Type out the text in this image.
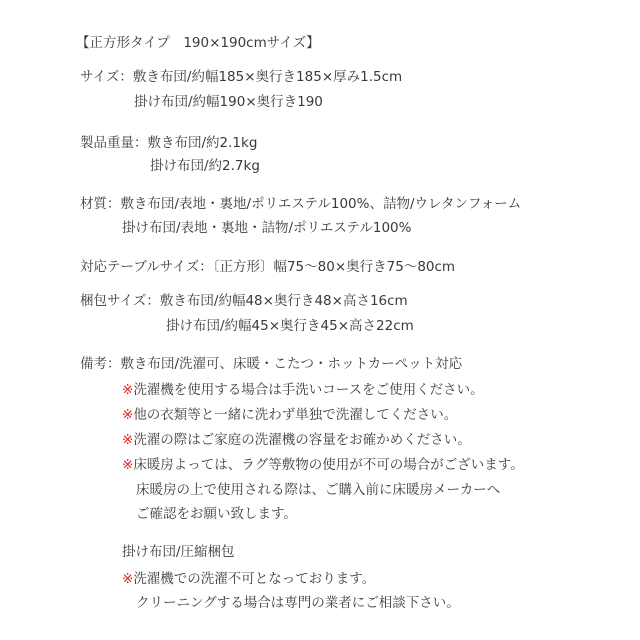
【正方形タイプ　190×190cmサイズ】
サイズ：敷き布団/約幅185×奥行き185×厚み1.5cm
掛け布団/約幅190×奥行き190
製品重量：敷き布団/約2.1kg
掛け布団/約2.7kg
材質：敷き布団/表地・裏地/ポリエステル100%、詰物/ウレタンフォーム
掛け布団/表地・裏地・詰物/ポリエステル100%
対応テーブルサイズ：〔正方形〕幅75〜80×奥行き75〜80cm
梱包サイズ：敷き布団/約幅48×奥行き48×高さ16cm
掛け布団/約幅45×奥行き45×高さ22cm
備考：敷き布団/洗濯可、床暖・こたつ・ホットカーペット対応
※洗濯機を使用する場合は手洗いコースをご使用ください。
※他の衣類等と一緒に洗わず単独で洗濯してください。
※洗濯の際はご家庭の洗濯機の容量をお確かめください。
※床暖房よっては、ラグ等敷物の使用が不可の場合がございます。
床暖房の上で使用される際は、ご購入前に床暖房メーカーへ
ご確認をお願い致します。
掛け布団/圧縮梱包
※洗濯機での洗濯不可となっております。
クリーニングする場合は専門の業者にご相談下さい。
